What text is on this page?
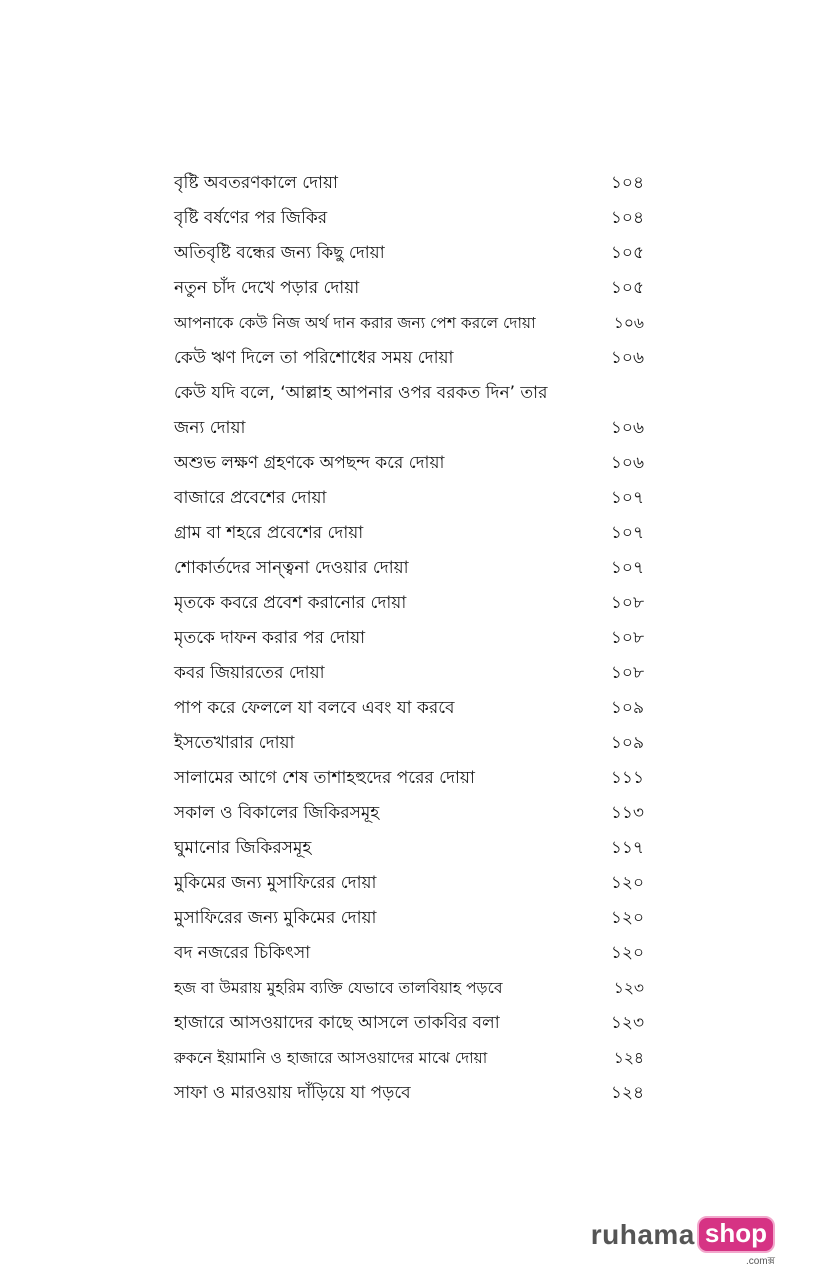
বৃষ্টি অবতরণকালে দোয়া	১০৪
বৃষ্টি বর্ষণের পর জিকির	১০৪
অতিবৃষ্টি বন্ধের জন্য কিছু দোয়া	১০৫
নতুন চাঁদ দেখে পড়ার দোয়া	১০৫
আপনাকে কেউ নিজ অর্থ দান করার জন্য পেশ করলে দোয়া	১০৬
কেউ ঋণ দিলে তা পরিশোধের সময় দোয়া	১০৬
কেউ যদি বলে, ‘আল্লাহ আপনার ওপর বরকত দিন’ তার জন্য দোয়া	১০৬
অশুভ লক্ষণ গ্রহণকে অপছন্দ করে দোয়া	১০৬
বাজারে প্রবেশের দোয়া	১০৭
গ্রাম বা শহরে প্রবেশের দোয়া	১০৭
শোকার্তদের সান্ত্বনা দেওয়ার দোয়া	১০৭
মৃতকে কবরে প্রবেশ করানোর দোয়া	১০৮
মৃতকে দাফন করার পর দোয়া	১০৮
কবর জিয়ারতের দোয়া	১০৮
পাপ করে ফেললে যা বলবে এবং যা করবে	১০৯
ইসতেখারার দোয়া	১০৯
সালামের আগে শেষ তাশাহহুদের পরের দোয়া	১১১
সকাল ও বিকালের জিকিরসমূহ	১১৩
ঘুমানোর জিকিরসমূহ	১১৭
মুকিমের জন্য মুসাফিরের দোয়া	১২০
মুসাফিরের জন্য মুকিমের দোয়া	১২০
বদ নজরের চিকিৎসা	১২০
হজ বা উমরায় মুহরিম ব্যক্তি যেভাবে তালবিয়াহ পড়বে	১২৩
হাজারে আসওয়াদের কাছে আসলে তাকবির বলা	১২৩
রুকনে ইয়ামানি ও হাজারে আসওয়াদের মাঝে দোয়া	১২৪
সাফা ও মারওয়ায় দাঁড়িয়ে যা পড়বে	১২৪
ruhama shop
.comক্স
